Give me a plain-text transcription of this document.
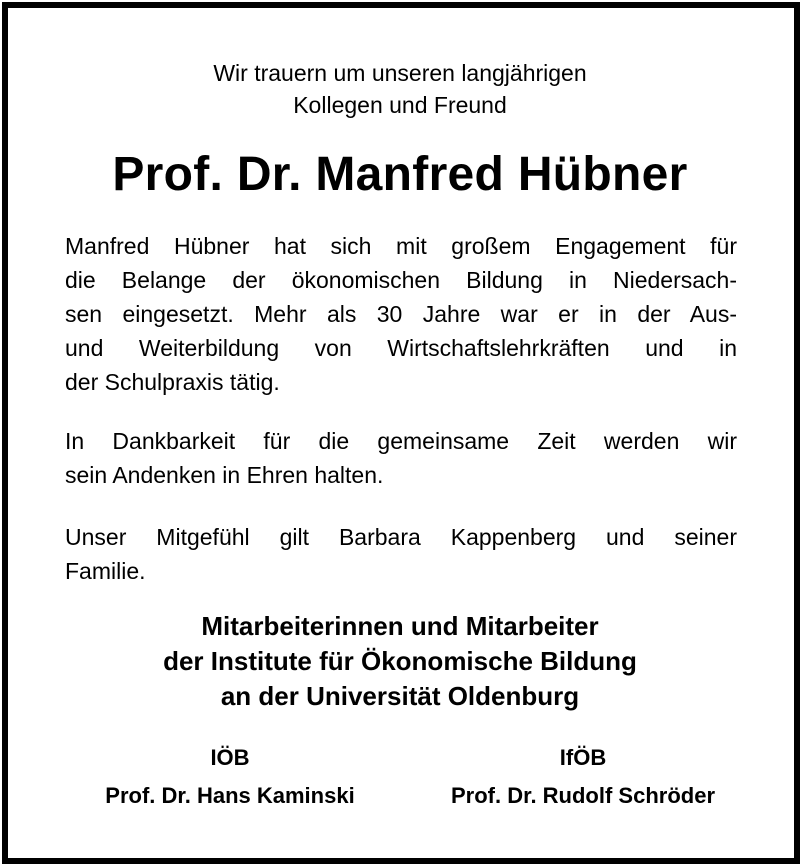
Wir trauern um unseren langjährigen
Kollegen und Freund
Prof. Dr. Manfred Hübner
Manfred Hübner hat sich mit großem Engagement für
die Belange der ökonomischen Bildung in Niedersach-
sen eingesetzt. Mehr als 30 Jahre war er in der Aus-
und Weiterbildung von Wirtschaftslehrkräften und in
der Schulpraxis tätig.
In Dankbarkeit für die gemeinsame Zeit werden wir
sein Andenken in Ehren halten.
Unser Mitgefühl gilt Barbara Kappenberg und seiner
Familie.
Mitarbeiterinnen und Mitarbeiter
der Institute für Ökonomische Bildung
an der Universität Oldenburg
IÖB
Prof. Dr. Hans Kaminski
IfÖB
Prof. Dr. Rudolf Schröder
